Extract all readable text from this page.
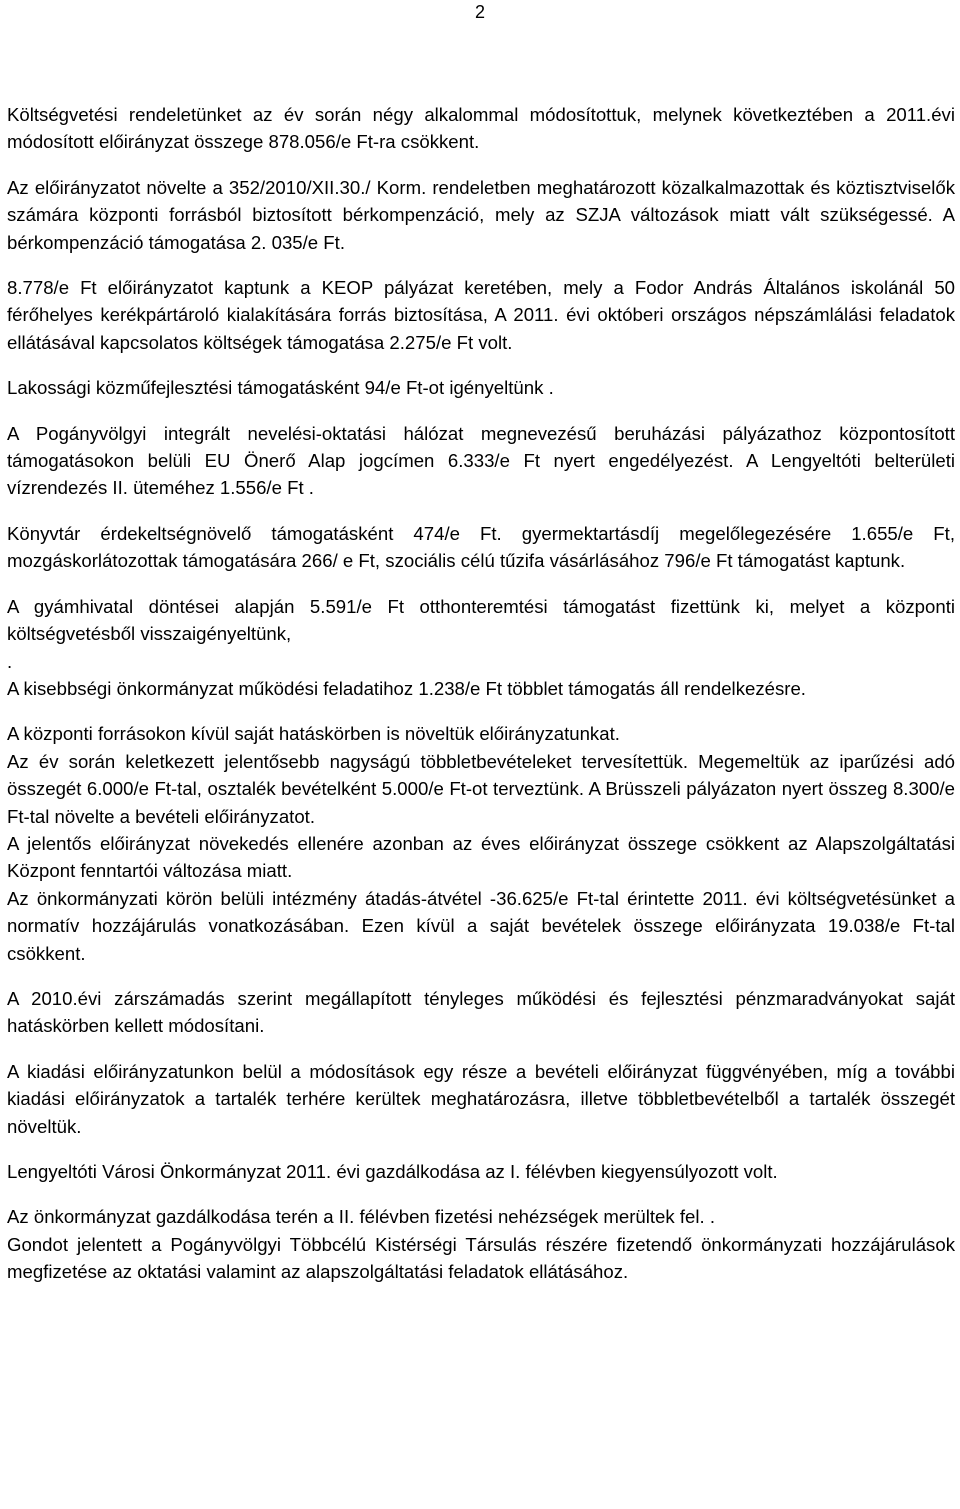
2

Költségvetési rendeletünket az év során négy alkalommal módosítottuk, melynek következtében a 2011.évi módosított előirányzat összege 878.056/e Ft-ra csökkent.

Az előirányzatot növelte a 352/2010/XII.30./ Korm. rendeletben meghatározott közalkalmazottak és köztisztviselők számára központi forrásból biztosított bérkompenzáció, mely az SZJA változások miatt vált szükségessé. A bérkompenzáció támogatása 2. 035/e Ft.

8.778/e Ft előirányzatot kaptunk a KEOP pályázat keretében, mely a Fodor András Általános iskolánál 50 férőhelyes kerékpártároló kialakítására forrás biztosítása, A 2011. évi októberi országos népszámlálási feladatok ellátásával kapcsolatos költségek támogatása 2.275/e Ft volt.

Lakossági közműfejlesztési támogatásként 94/e Ft-ot igényeltünk .

A Pogányvölgyi integrált nevelési-oktatási hálózat megnevezésű beruházási pályázathoz központosított támogatásokon belüli EU Önerő Alap jogcímen 6.333/e Ft nyert engedélyezést. A Lengyeltóti belterületi vízrendezés II. üteméhez 1.556/e Ft .

Könyvtár érdekeltségnövelő támogatásként 474/e Ft. gyermektartásdíj megelőlegezésére 1.655/e Ft, mozgáskorlátozottak támogatására 266/ e Ft, szociális célú tűzifa vásárlásához 796/e Ft támogatást kaptunk.

A gyámhivatal döntései alapján 5.591/e Ft otthonteremtési támogatást fizettünk ki, melyet a központi költségvetésből visszaigényeltünk,

.

A kisebbségi önkormányzat működési feladatihoz 1.238/e Ft többlet támogatás áll rendelkezésre.

A központi forrásokon kívül saját hatáskörben is növeltük előirányzatunkat.

Az év során keletkezett jelentősebb nagyságú többletbevételeket tervesítettük. Megemeltük az iparűzési adó összegét 6.000/e Ft-tal, osztalék bevételként 5.000/e Ft-ot terveztünk. A Brüsszeli pályázaton nyert összeg 8.300/e Ft-tal növelte a bevételi előirányzatot.

A jelentős előirányzat növekedés ellenére azonban az éves előirányzat összege csökkent az Alapszolgáltatási Központ fenntartói változása miatt.

Az önkormányzati körön belüli intézmény átadás-átvétel -36.625/e Ft-tal érintette 2011. évi költségvetésünket a normatív hozzájárulás vonatkozásában. Ezen kívül a saját bevételek összege előirányzata 19.038/e Ft-tal csökkent.

A 2010.évi zárszámadás szerint megállapított tényleges működési és fejlesztési pénzmaradványokat saját hatáskörben kellett módosítani.

A kiadási előirányzatunkon belül a módosítások egy része a bevételi előirányzat függvényében, míg a további kiadási előirányzatok a tartalék terhére kerültek meghatározásra, illetve többletbevételből a tartalék összegét növeltük.

Lengyeltóti Városi Önkormányzat 2011. évi gazdálkodása az I. félévben kiegyensúlyozott volt.

Az önkormányzat gazdálkodása terén a II. félévben fizetési nehézségek merültek fel. .

Gondot jelentett a Pogányvölgyi Többcélú Kistérségi Társulás részére fizetendő önkormányzati hozzájárulások megfizetése az oktatási valamint az alapszolgáltatási feladatok ellátásához.
